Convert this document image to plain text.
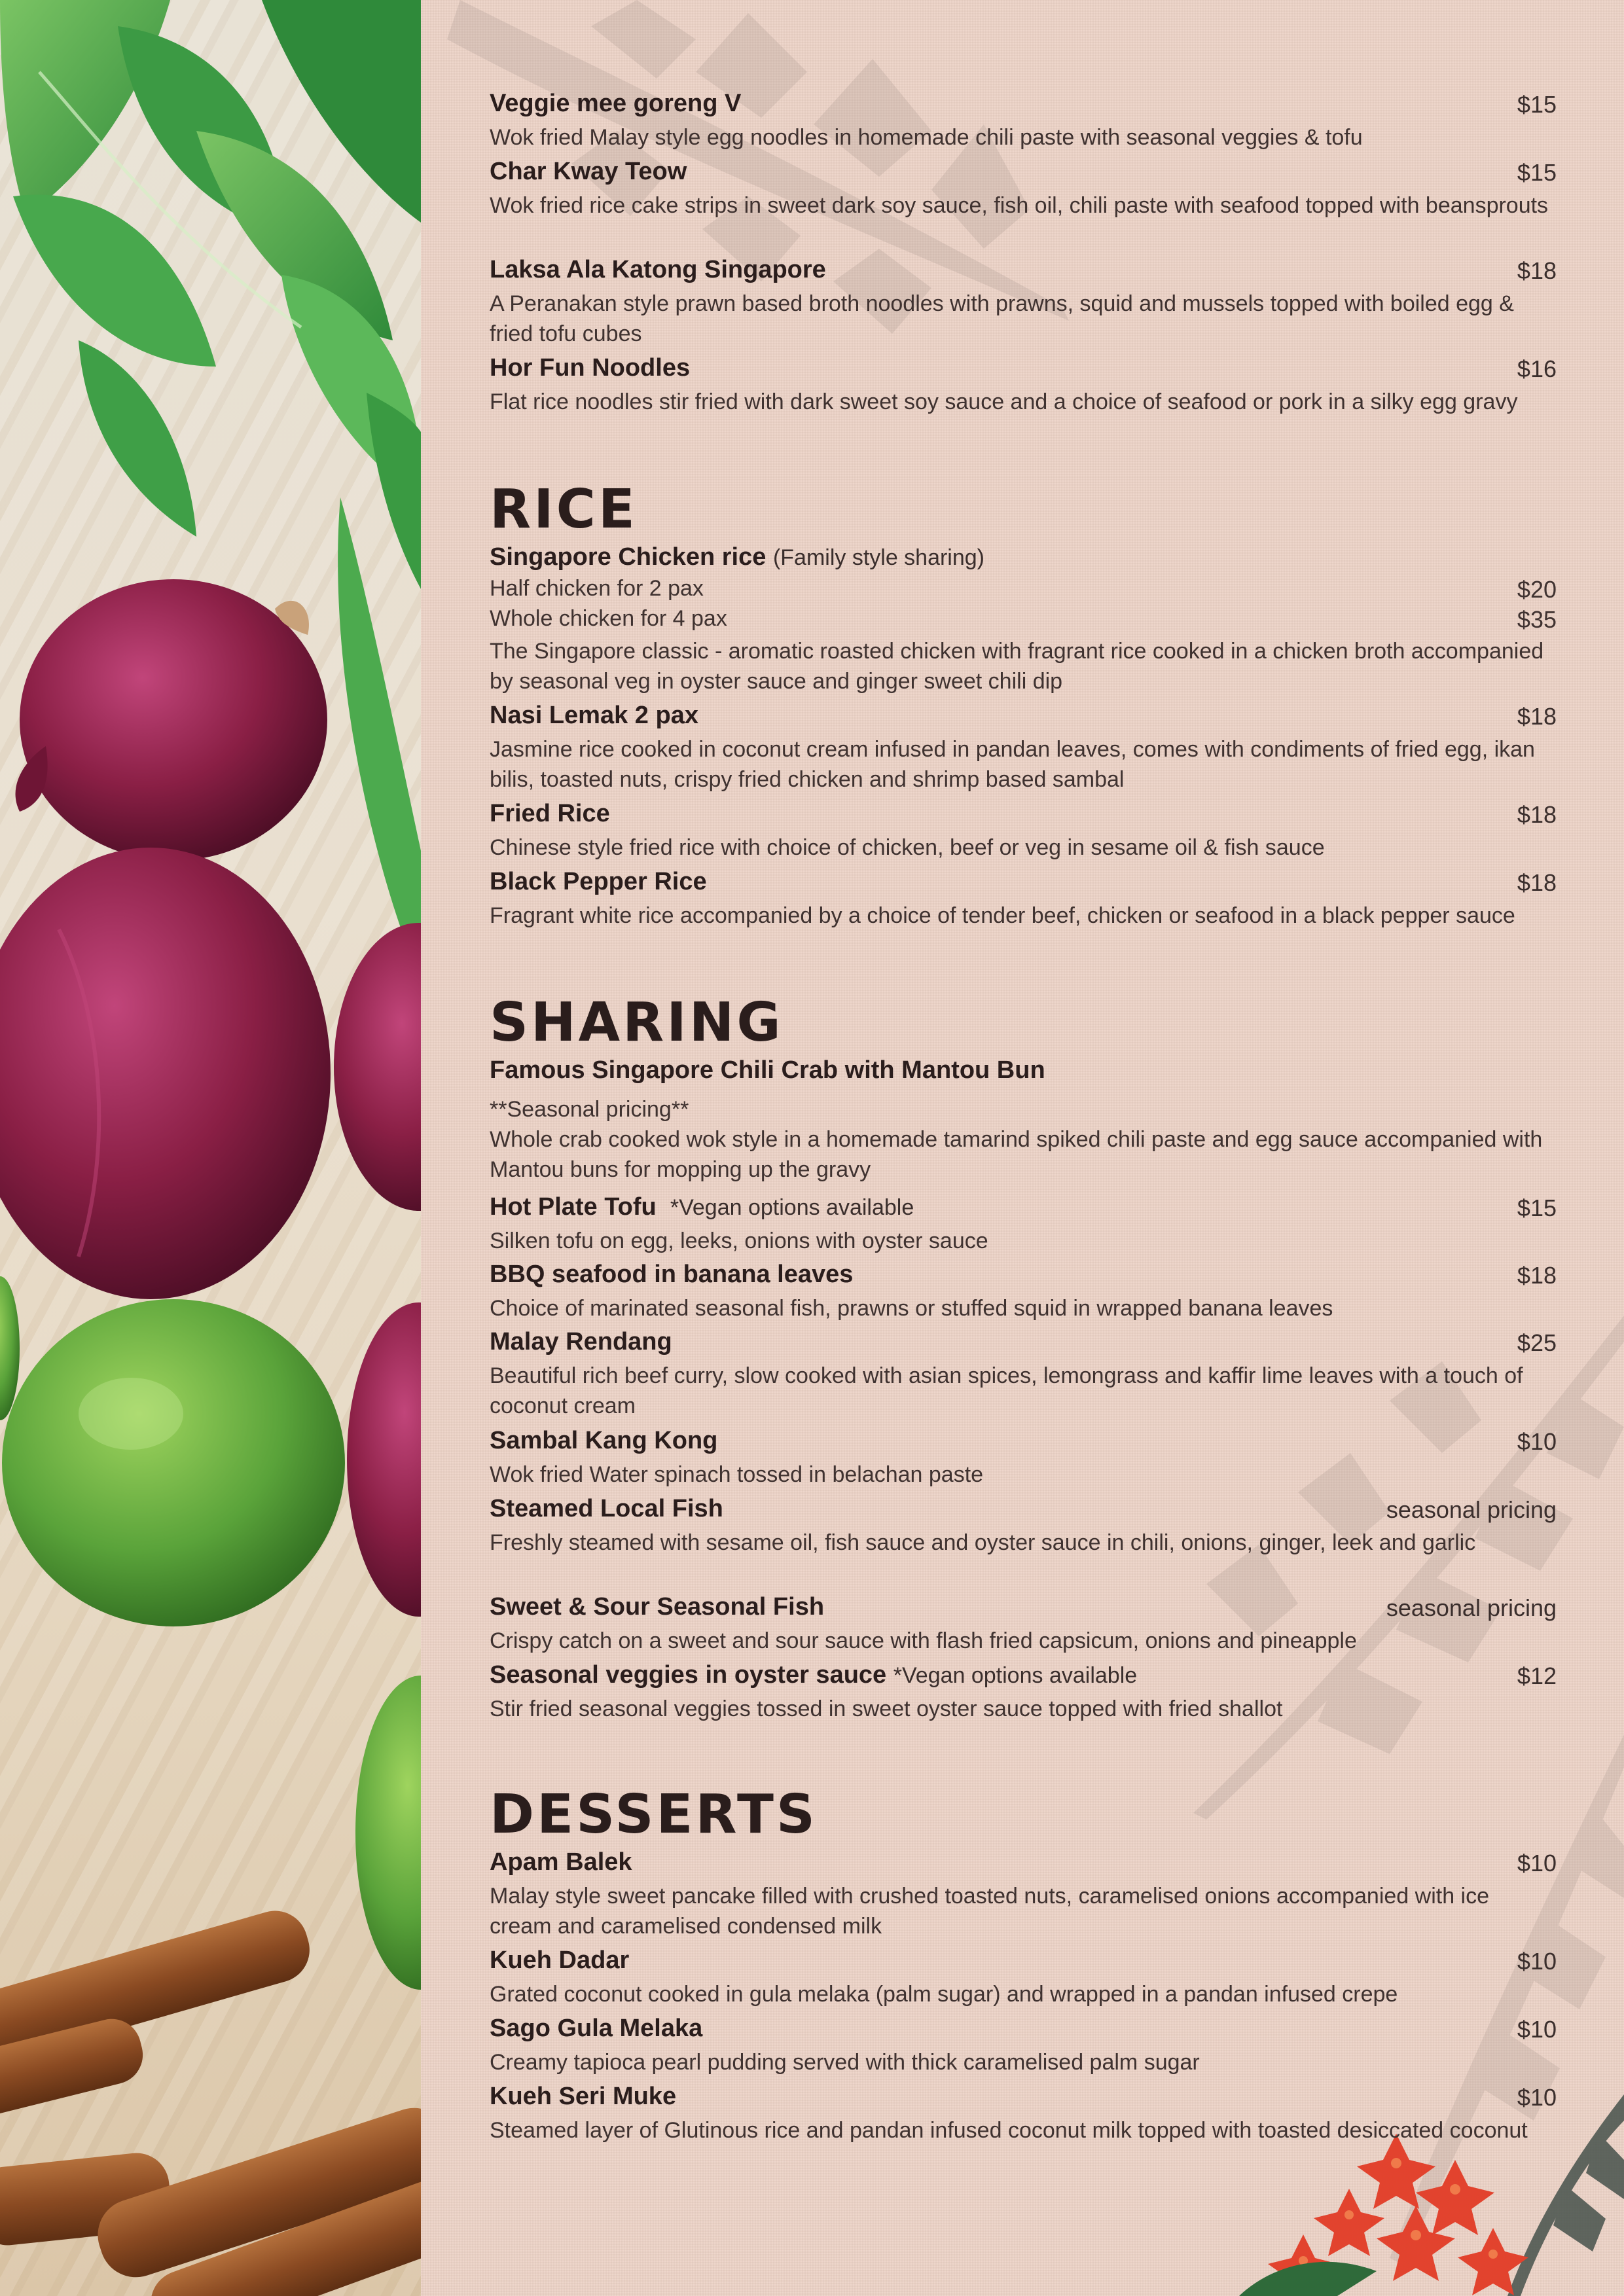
Veggie mee goreng V	$15
Wok fried Malay style egg noodles in homemade chili paste with seasonal veggies & tofu
Char Kway Teow	$15
Wok fried rice cake strips in sweet dark soy sauce, fish oil, chili paste with seafood topped with beansprouts
Laksa Ala Katong Singapore	$18
A Peranakan style prawn based broth noodles with prawns, squid and mussels topped with boiled egg & fried tofu cubes
Hor Fun Noodles	$16
Flat rice noodles stir fried with dark sweet soy sauce and a choice of seafood or pork in a silky egg gravy
RICE
Singapore Chicken rice (Family style sharing)
Half chicken for 2 pax	$20
Whole chicken for 4 pax	$35
The Singapore classic - aromatic roasted chicken with fragrant rice cooked in a chicken broth accompanied by seasonal veg in oyster sauce and ginger sweet chili dip
Nasi Lemak 2 pax	$18
Jasmine rice cooked in coconut cream infused in pandan leaves, comes with condiments of fried egg, ikan bilis, toasted nuts, crispy fried chicken and shrimp based sambal
Fried Rice	$18
Chinese style fried rice with choice of chicken, beef or veg in sesame oil & fish sauce
Black Pepper Rice	$18
Fragrant white rice accompanied by a choice of tender beef, chicken or seafood in a black pepper sauce
SHARING
Famous Singapore Chili Crab with Mantou Bun
**Seasonal pricing**
Whole crab cooked wok style in a homemade tamarind spiked chili paste and egg sauce accompanied with Mantou buns for mopping up the gravy
Hot Plate Tofu *Vegan options available	$15
Silken tofu on egg, leeks, onions with oyster sauce
BBQ seafood in banana leaves	$18
Choice of marinated seasonal fish, prawns or stuffed squid in wrapped banana leaves
Malay Rendang	$25
Beautiful rich beef curry, slow cooked with asian spices, lemongrass and kaffir lime leaves with a touch of coconut cream
Sambal Kang Kong	$10
Wok fried Water spinach tossed in belachan paste
Steamed Local Fish	seasonal pricing
Freshly steamed with sesame oil, fish sauce and oyster sauce in chili, onions, ginger, leek and garlic
Sweet & Sour Seasonal Fish	seasonal pricing
Crispy catch on a sweet and sour sauce with flash fried capsicum, onions and pineapple
Seasonal veggies in oyster sauce *Vegan options available	$12
Stir fried seasonal veggies tossed in sweet oyster sauce topped with fried shallot
DESSERTS
Apam Balek	$10
Malay style sweet pancake filled with crushed toasted nuts, caramelised onions accompanied with ice cream and caramelised condensed milk
Kueh Dadar	$10
Grated coconut cooked in gula melaka (palm sugar) and wrapped in a pandan infused crepe
Sago Gula Melaka	$10
Creamy tapioca pearl pudding served with thick caramelised palm sugar
Kueh Seri Muke	$10
Steamed layer of Glutinous rice and pandan infused coconut milk topped with toasted desiccated coconut
